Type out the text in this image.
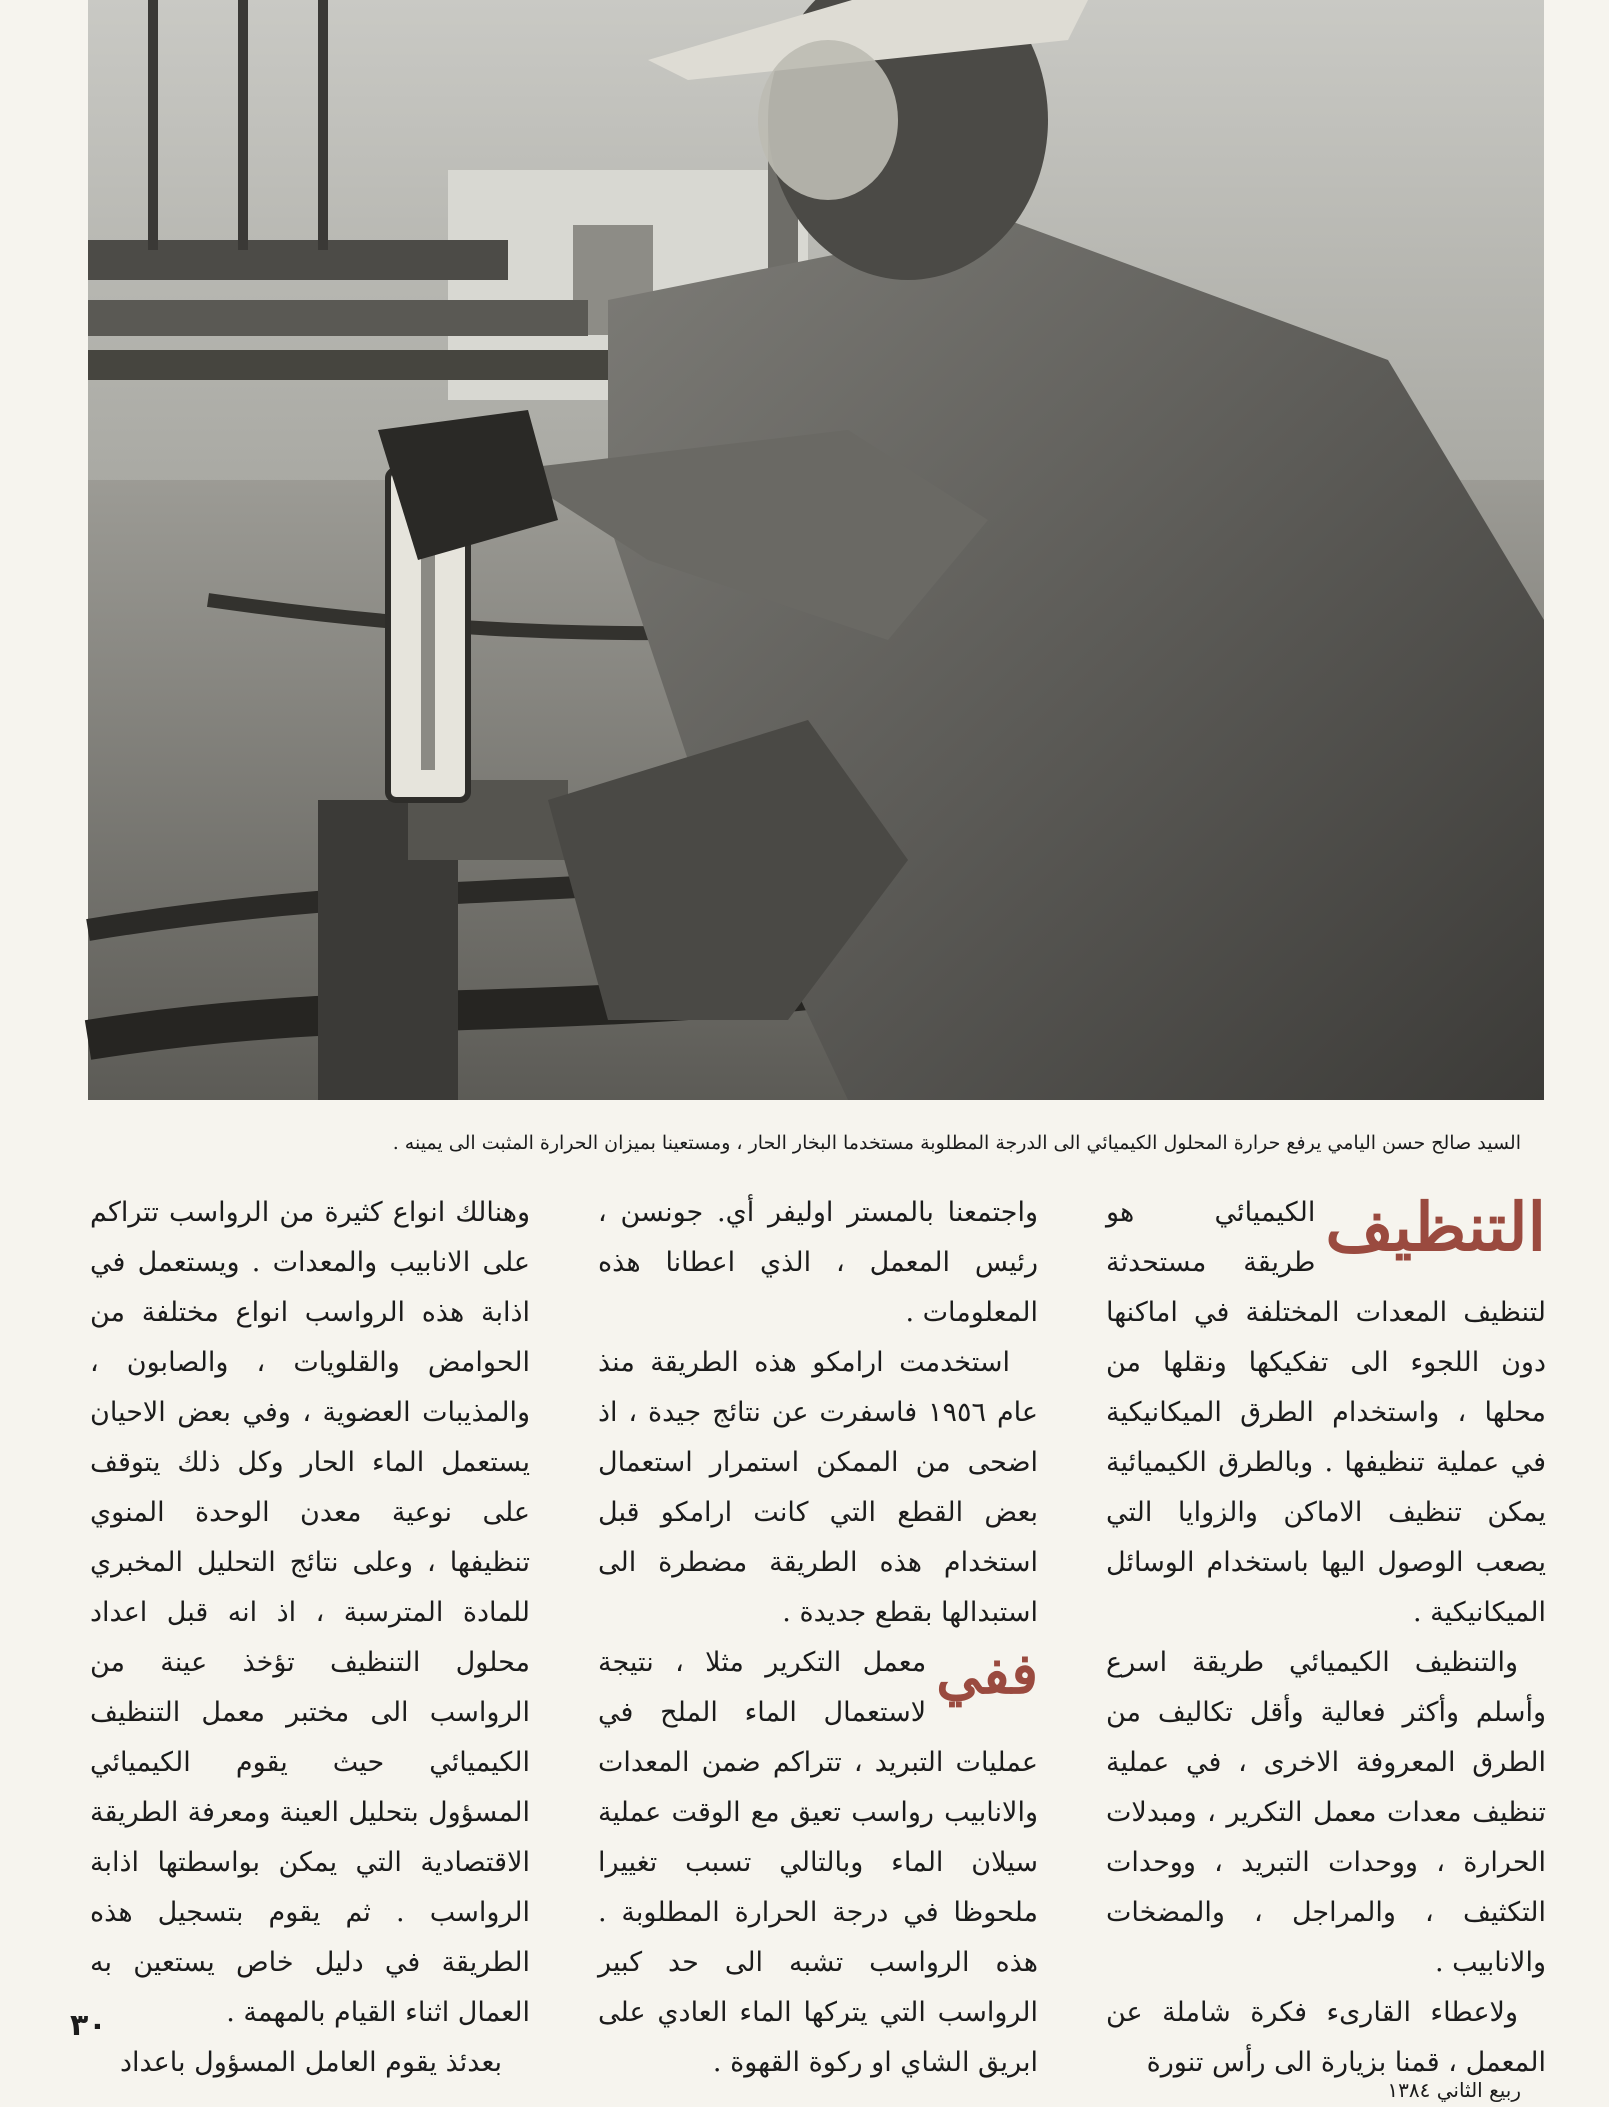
السيد صالح حسن اليامي يرفع حرارة المحلول الكيميائي الى الدرجة المطلوبة مستخدما البخار الحار ، ومستعينا بميزان الحرارة المثبت الى يمينه .
التنظيف

الكيميائي هو طريقة مستحدثة لتنظيف المعدات المختلفة في اماكنها دون اللجوء الى تفكيكها ونقلها من محلها ، واستخدام الطرق الميكانيكية في عملية تنظيفها . وبالطرق الكيميائية يمكن تنظيف الاماكن والزوايا التي يصعب الوصول اليها باستخدام الوسائل الميكانيكية .

والتنظيف الكيميائي طريقة اسرع وأسلم وأكثر فعالية وأقل تكاليف من الطرق المعروفة الاخرى ، في عملية تنظيف معدات معمل التكرير ، ومبدلات الحرارة ، ووحدات التبريد ، ووحدات التكثيف ، والمراجل ، والمضخات والانابيب .

ولاعطاء القارىء فكرة شاملة عن المعمل ، قمنا بزيارة الى رأس تنورة

واجتمعنا بالمستر اوليفر أي. جونسن ، رئيس المعمل ، الذي اعطانا هذه المعلومات .

استخدمت ارامكو هذه الطريقة منذ عام ١٩٥٦ فاسفرت عن نتائج جيدة ، اذ اضحى من الممكن استمرار استعمال بعض القطع التي كانت ارامكو قبل استخدام هذه الطريقة مضطرة الى استبدالها بقطع جديدة .

ففي

معمل التكرير مثلا ، نتيجة لاستعمال الماء الملح في عمليات التبريد ، تتراكم ضمن المعدات والانابيب رواسب تعيق مع الوقت عملية سيلان الماء وبالتالي تسبب تغييرا ملحوظا في درجة الحرارة المطلوبة . هذه الرواسب تشبه الى حد كبير الرواسب التي يتركها الماء العادي على ابريق الشاي او ركوة القهوة .

وهنالك انواع كثيرة من الرواسب تتراكم على الانابيب والمعدات . ويستعمل في اذابة هذه الرواسب انواع مختلفة من الحوامض والقلويات ، والصابون ، والمذيبات العضوية ، وفي بعض الاحيان يستعمل الماء الحار وكل ذلك يتوقف على نوعية معدن الوحدة المنوي تنظيفها ، وعلى نتائج التحليل المخبري للمادة المترسبة ، اذ انه قبل اعداد محلول التنظيف تؤخذ عينة من الرواسب الى مختبر معمل التنظيف الكيميائي حيث يقوم الكيميائي المسؤول بتحليل العينة ومعرفة الطريقة الاقتصادية التي يمكن بواسطتها اذابة الرواسب . ثم يقوم بتسجيل هذه الطريقة في دليل خاص يستعين به العمال اثناء القيام بالمهمة .

بعدئذ يقوم العامل المسؤول باعداد

٣٠
ربيع الثاني ١٣٨٤
